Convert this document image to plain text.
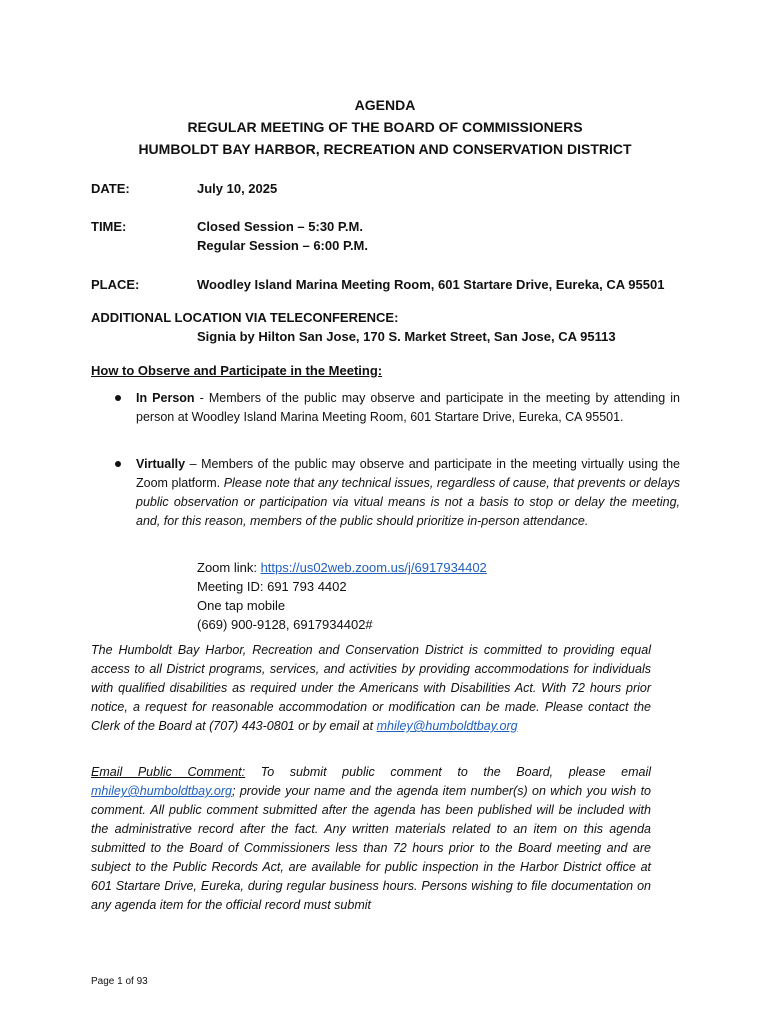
AGENDA
REGULAR MEETING OF THE BOARD OF COMMISSIONERS
HUMBOLDT BAY HARBOR, RECREATION AND CONSERVATION DISTRICT
DATE:	July 10, 2025
TIME:	Closed Session – 5:30 P.M.
Regular Session – 6:00 P.M.
PLACE:	Woodley Island Marina Meeting Room, 601 Startare Drive, Eureka, CA 95501
ADDITIONAL LOCATION VIA TELECONFERENCE:
Signia by Hilton San Jose, 170 S. Market Street, San Jose, CA 95113
How to Observe and Participate in the Meeting:
In Person - Members of the public may observe and participate in the meeting by attending in person at Woodley Island Marina Meeting Room, 601 Startare Drive, Eureka, CA 95501.
Virtually – Members of the public may observe and participate in the meeting virtually using the Zoom platform. Please note that any technical issues, regardless of cause, that prevents or delays public observation or participation via vitual means is not a basis to stop or delay the meeting, and, for this reason, members of the public should prioritize in-person attendance.
Zoom link: https://us02web.zoom.us/j/6917934402
Meeting ID: 691 793 4402
One tap mobile
(669) 900-9128, 6917934402#
The Humboldt Bay Harbor, Recreation and Conservation District is committed to providing equal access to all District programs, services, and activities by providing accommodations for individuals with qualified disabilities as required under the Americans with Disabilities Act. With 72 hours prior notice, a request for reasonable accommodation or modification can be made. Please contact the Clerk of the Board at (707) 443-0801 or by email at mhiley@humboldtbay.org
Email Public Comment: To submit public comment to the Board, please email mhiley@humboldtbay.org; provide your name and the agenda item number(s) on which you wish to comment. All public comment submitted after the agenda has been published will be included with the administrative record after the fact. Any written materials related to an item on this agenda submitted to the Board of Commissioners less than 72 hours prior to the Board meeting and are subject to the Public Records Act, are available for public inspection in the Harbor District office at 601 Startare Drive, Eureka, during regular business hours. Persons wishing to file documentation on any agenda item for the official record must submit
Page 1 of 93
